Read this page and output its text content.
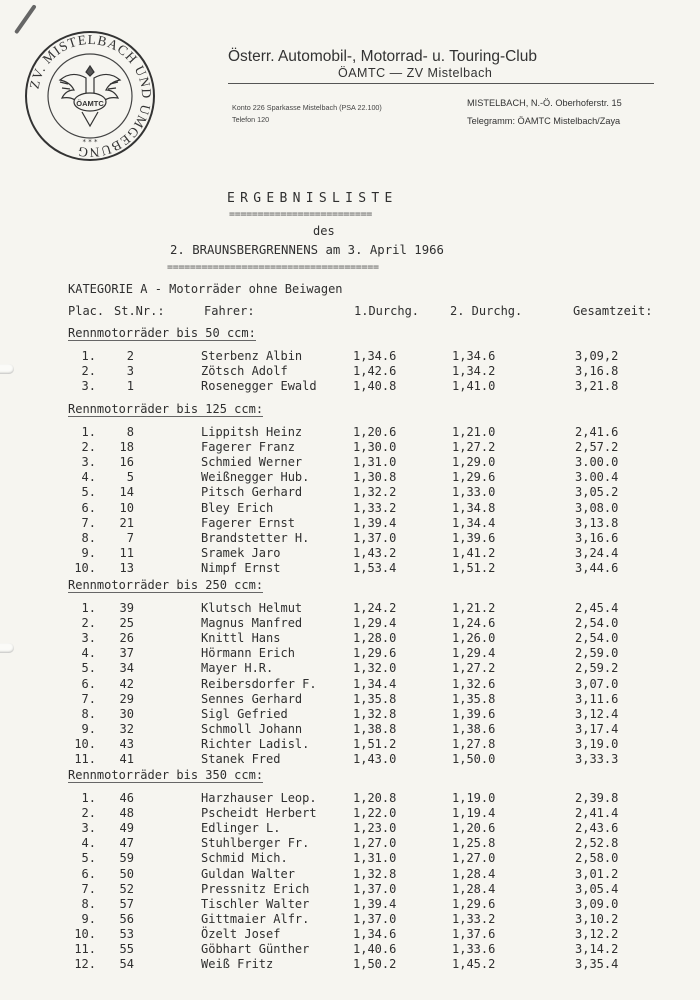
ZV. MISTELBACH UND UMGEBUNG
ÖAMTC
* * *
Österr. Automobil-, Motorrad- u. Touring-Club
ÖAMTC — ZV Mistelbach
Konto 226 Sparkasse Mistelbach (PSA 22.100)
Telefon 120
MISTELBACH, N.-Ö. Oberhoferstr. 15
Telegramm: ÖAMTC Mistelbach/Zaya
ERGEBNISLISTE
=========================
des
2. BRAUNSBERGRENNENS am 3. April 1966
=====================================
KATEGORIE A - Motorräder ohne Beiwagen
Plac. St.Nr.:	Fahrer:	1.Durchg.	2. Durchg.	Gesamtzeit:
Rennmotorräder bis 50 ccm:
1.	2	Sterbenz Albin	1,34.6	1,34.6	3,09,2
2.	3	Zötsch Adolf	1,42.6	1,34.2	3,16.8
3.	1	Rosenegger Ewald	1,40.8	1,41.0	3,21.8
Rennmotorräder bis 125 ccm:
1.	8	Lippitsh Heinz	1,20.6	1,21.0	2,41.6
2.	18	Fagerer Franz	1,30.0	1,27.2	2,57.2
3.	16	Schmied Werner	1,31.0	1,29.0	3.00.0
4.	5	Weißnegger Hub.	1,30.8	1,29.6	3.00.4
5.	14	Pitsch Gerhard	1,32.2	1,33.0	3,05.2
6.	10	Bley Erich	1,33.2	1,34.8	3,08.0
7.	21	Fagerer Ernst	1,39.4	1,34.4	3,13.8
8.	7	Brandstetter H.	1,37.0	1,39.6	3,16.6
9.	11	Sramek Jaro	1,43.2	1,41.2	3,24.4
10.	13	Nimpf Ernst	1,53.4	1,51.2	3,44.6
Rennmotorräder bis 250 ccm:
1.	39	Klutsch Helmut	1,24.2	1,21.2	2,45.4
2.	25	Magnus Manfred	1,29.4	1,24.6	2,54.0
3.	26	Knittl Hans	1,28.0	1,26.0	2,54.0
4.	37	Hörmann Erich	1,29.6	1,29.4	2,59.0
5.	34	Mayer H.R.	1,32.0	1,27.2	2,59.2
6.	42	Reibersdorfer F.	1,34.4	1,32.6	3,07.0
7.	29	Sennes Gerhard	1,35.8	1,35.8	3,11.6
8.	30	Sigl Gefried	1,32.8	1,39.6	3,12.4
9.	32	Schmoll Johann	1,38.8	1,38.6	3,17.4
10.	43	Richter Ladisl.	1,51.2	1,27.8	3,19.0
11.	41	Stanek Fred	1,43.0	1,50.0	3,33.3
Rennmotorräder bis 350 ccm:
1.	46	Harzhauser Leop.	1,20.8	1,19.0	2,39.8
2.	48	Pscheidt Herbert	1,22.0	1,19.4	2,41.4
3.	49	Edlinger L.	1,23.0	1,20.6	2,43.6
4.	47	Stuhlberger Fr.	1,27.0	1,25.8	2,52.8
5.	59	Schmid Mich.	1,31.0	1,27.0	2,58.0
6.	50	Guldan Walter	1,32.8	1,28.4	3,01.2
7.	52	Pressnitz Erich	1,37.0	1,28.4	3,05.4
8.	57	Tischler Walter	1,39.4	1,29.6	3,09.0
9.	56	Gittmaier Alfr.	1,37.0	1,33.2	3,10.2
10.	53	Özelt Josef	1,34.6	1,37.6	3,12.2
11.	55	Göbhart Günther	1,40.6	1,33.6	3,14.2
12.	54	Weiß Fritz	1,50.2	1,45.2	3,35.4
